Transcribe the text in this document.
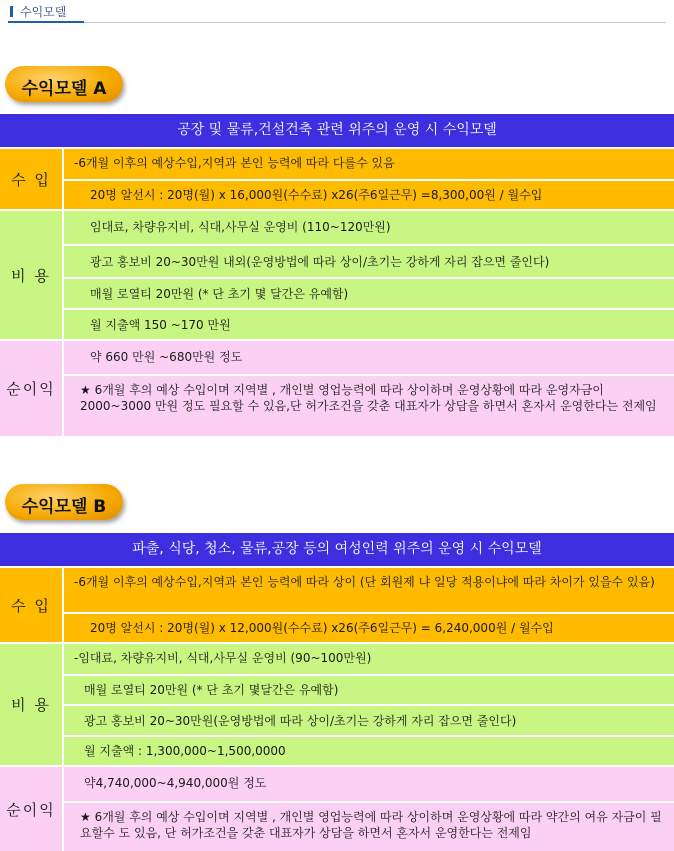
수익모델
수익모델 A
공장 및 물류,건설건축 관련 위주의 운영 시 수익모델
수 입
-6개월 이후의 예상수입,지역과 본인 능력에 따라 다를수 있음
20명 알선시 : 20명(월) x 16,000원(수수료) x26(주6일근무) =8,300,00원 / 월수입
비 용
임대료, 차량유지비, 식대,사무실 운영비 (110~120만원)
광고 홍보비 20~30만원 내외(운영방법에 따라 상이/초기는 강하게 자리 잡으면 줄인다)
매월 로열티 20만원 (* 단 초기 몇 달간은 유예함)
월 지출액 150 ~170 만원
순이익
약 660 만원 ~680만원 정도
★ 6개월 후의 예상 수입이며 지역별 , 개인별 영업능력에 따라 상이하며 운영상황에 따라 운영자금이 2000~3000 만원 정도 필요할 수 있음,단 허가조건을 갖춘 대표자가 상담을 하면서 혼자서 운영한다는 전제임
수익모델 B
파출, 식당, 청소, 물류,공장 등의 여성인력 위주의 운영 시 수익모델
수 입
-6개월 이후의 예상수입,지역과 본인 능력에 따라 상이 (단 회원제 냐 일당 적용이냐에 따라 차이가 있을수 있음)
20명 알선시 : 20명(월) x 12,000원(수수료) x26(주6일근무) = 6,240,000원 / 월수입
비 용
-임대료, 차량유지비, 식대,사무실 운영비 (90~100만원)
매월 로열티 20만원 (* 단 초기 몇달간은 유예함)
광고 홍보비 20~30만원(운영방법에 따라 상이/초기는 강하게 자리 잡으면 줄인다)
월 지출액 : 1,300,000~1,500,0000
순이익
약4,740,000~4,940,000원 정도
★ 6개월 후의 예상 수입이며 지역별 , 개인별 영업능력에 따라 상이하며 운영상황에 따라 약간의 여유 자금이 필요할수 도 있음, 단 허가조건을 갖춘 대표자가 상담을 하면서 혼자서 운영한다는 전제임
